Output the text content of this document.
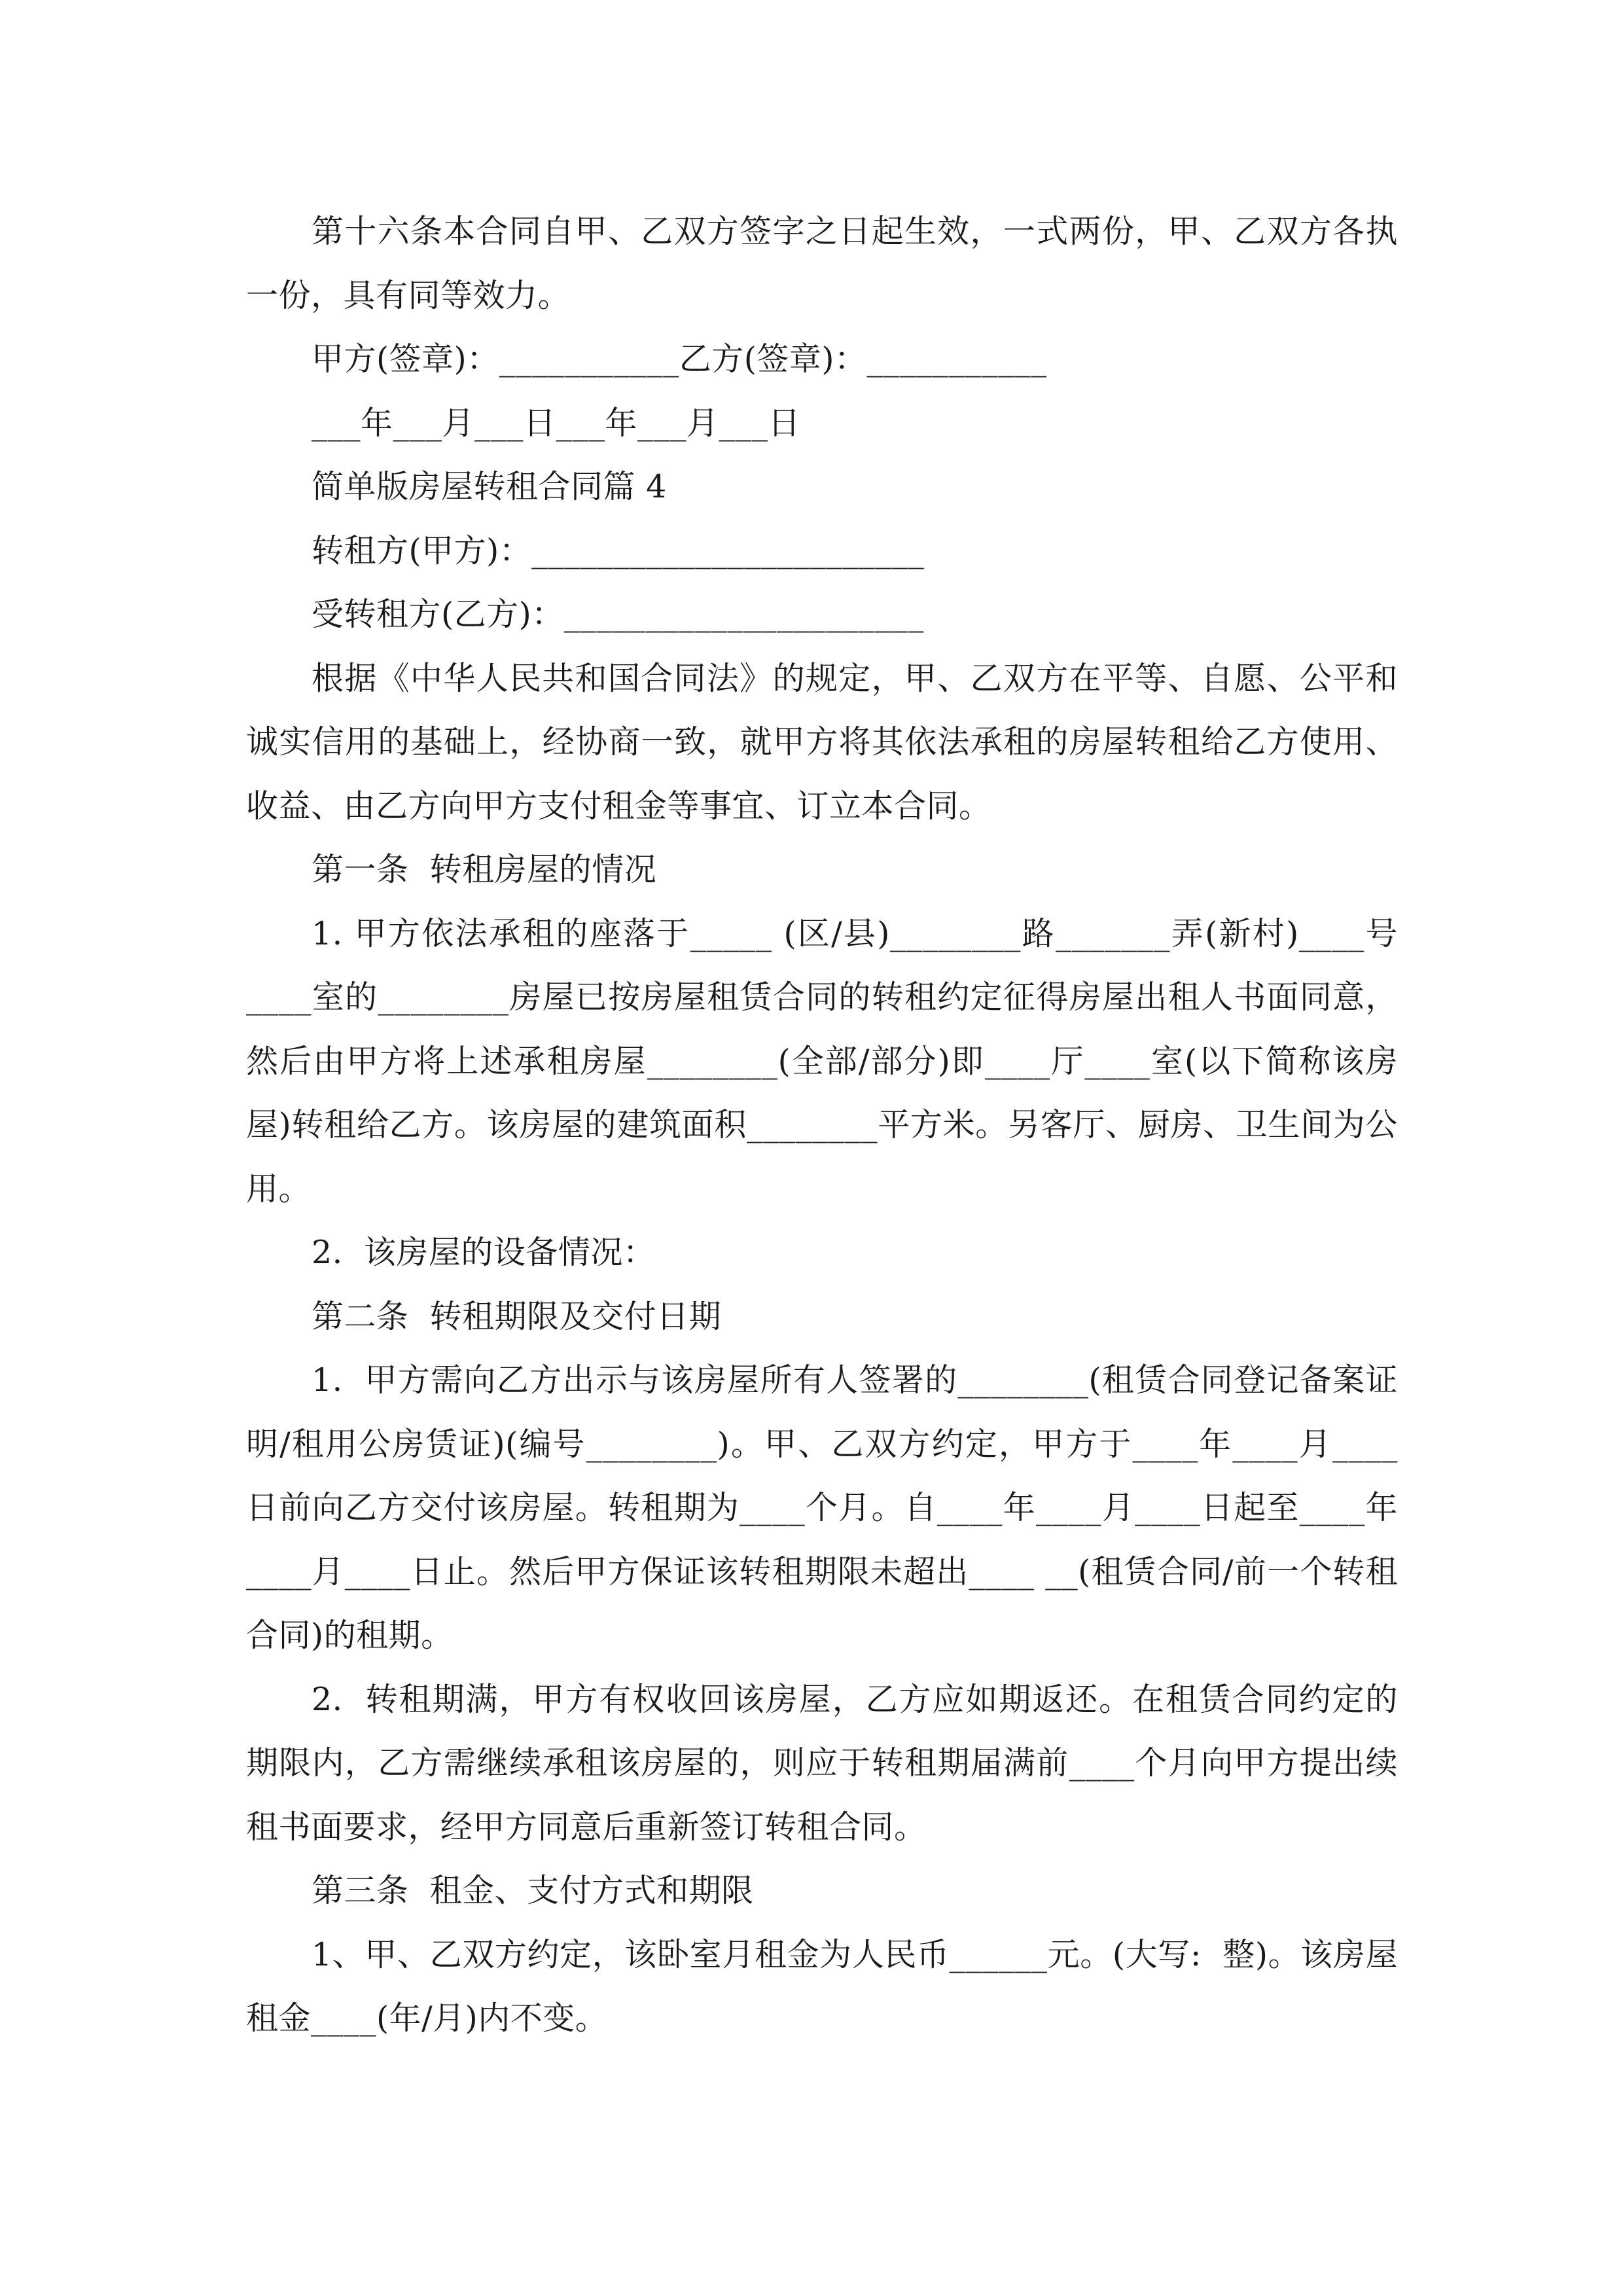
第十六条本合同自甲、乙双方签字之日起生效，一式两份，甲、乙双方各执一份，具有同等效力。

甲方(签章)：___________乙方(签章)：___________

___年___月___日___年___月___日

简单版房屋转租合同篇 4

转租方(甲方)：________________________

受转租方(乙方)：______________________

根据《中华人民共和国合同法》的规定，甲、乙双方在平等、自愿、公平和诚实信用的基础上，经协商一致，就甲方将其依法承租的房屋转租给乙方使用、收益、由乙方向甲方支付租金等事宜、订立本合同。

第一条  转租房屋的情况

1. 甲方依法承租的座落于_____ (区/县)________路_______弄(新村)____号____室的________房屋已按房屋租赁合同的转租约定征得房屋出租人书面同意，然后由甲方将上述承租房屋________(全部/部分)即____厅____室(以下简称该房屋)转租给乙方。该房屋的建筑面积________平方米。另客厅、厨房、卫生间为公用。

2.  该房屋的设备情况：

第二条  转租期限及交付日期

1.  甲方需向乙方出示与该房屋所有人签署的________(租赁合同登记备案证明/租用公房赁证)(编号________)。甲、乙双方约定，甲方于____年____月____日前向乙方交付该房屋。转租期为____个月。自____年____月____日起至____年____月____日止。然后甲方保证该转租期限未超出____ __(租赁合同/前一个转租合同)的租期。

2.  转租期满，甲方有权收回该房屋，乙方应如期返还。在租赁合同约定的期限内，乙方需继续承租该房屋的，则应于转租期届满前____个月向甲方提出续租书面要求，经甲方同意后重新签订转租合同。

第三条  租金、支付方式和期限

1、甲、乙双方约定，该卧室月租金为人民币______元。(大写:  整)。该房屋租金____(年/月)内不变。
